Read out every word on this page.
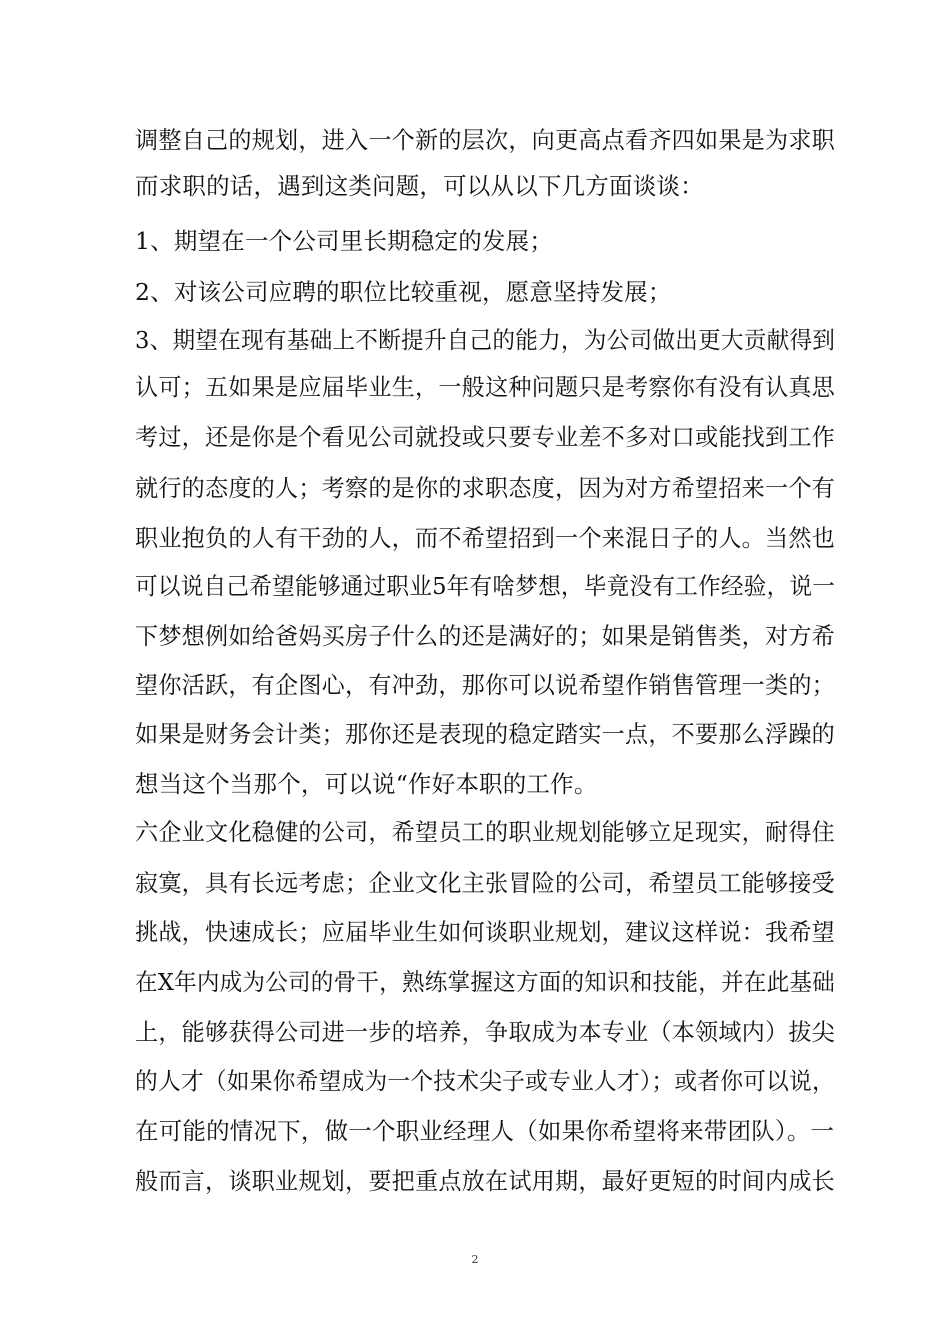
调整自己的规划，进入一个新的层次，向更高点看齐四如果是为求职
而求职的话，遇到这类问题，可以从以下几方面谈谈：
1、期望在一个公司里长期稳定的发展；
2、对该公司应聘的职位比较重视，愿意坚持发展；
3、期望在现有基础上不断提升自己的能力，为公司做出更大贡献得到
认可；五如果是应届毕业生，一般这种问题只是考察你有没有认真思
考过，还是你是个看见公司就投或只要专业差不多对口或能找到工作
就行的态度的人；考察的是你的求职态度，因为对方希望招来一个有
职业抱负的人有干劲的人，而不希望招到一个来混日子的人。当然也
可以说自己希望能够通过职业5年有啥梦想，毕竟没有工作经验，说一
下梦想例如给爸妈买房子什么的还是满好的；如果是销售类，对方希
望你活跃，有企图心，有冲劲，那你可以说希望作销售管理一类的；
如果是财务会计类；那你还是表现的稳定踏实一点，不要那么浮躁的
想当这个当那个，可以说“作好本职的工作。
六企业文化稳健的公司，希望员工的职业规划能够立足现实，耐得住
寂寞，具有长远考虑；企业文化主张冒险的公司，希望员工能够接受
挑战，快速成长；应届毕业生如何谈职业规划，建议这样说：我希望
在X年内成为公司的骨干，熟练掌握这方面的知识和技能，并在此基础
上，能够获得公司进一步的培养，争取成为本专业（本领域内）拔尖
的人才（如果你希望成为一个技术尖子或专业人才）；或者你可以说，
在可能的情况下，做一个职业经理人（如果你希望将来带团队）。一
般而言，谈职业规划，要把重点放在试用期，最好更短的时间内成长
2
